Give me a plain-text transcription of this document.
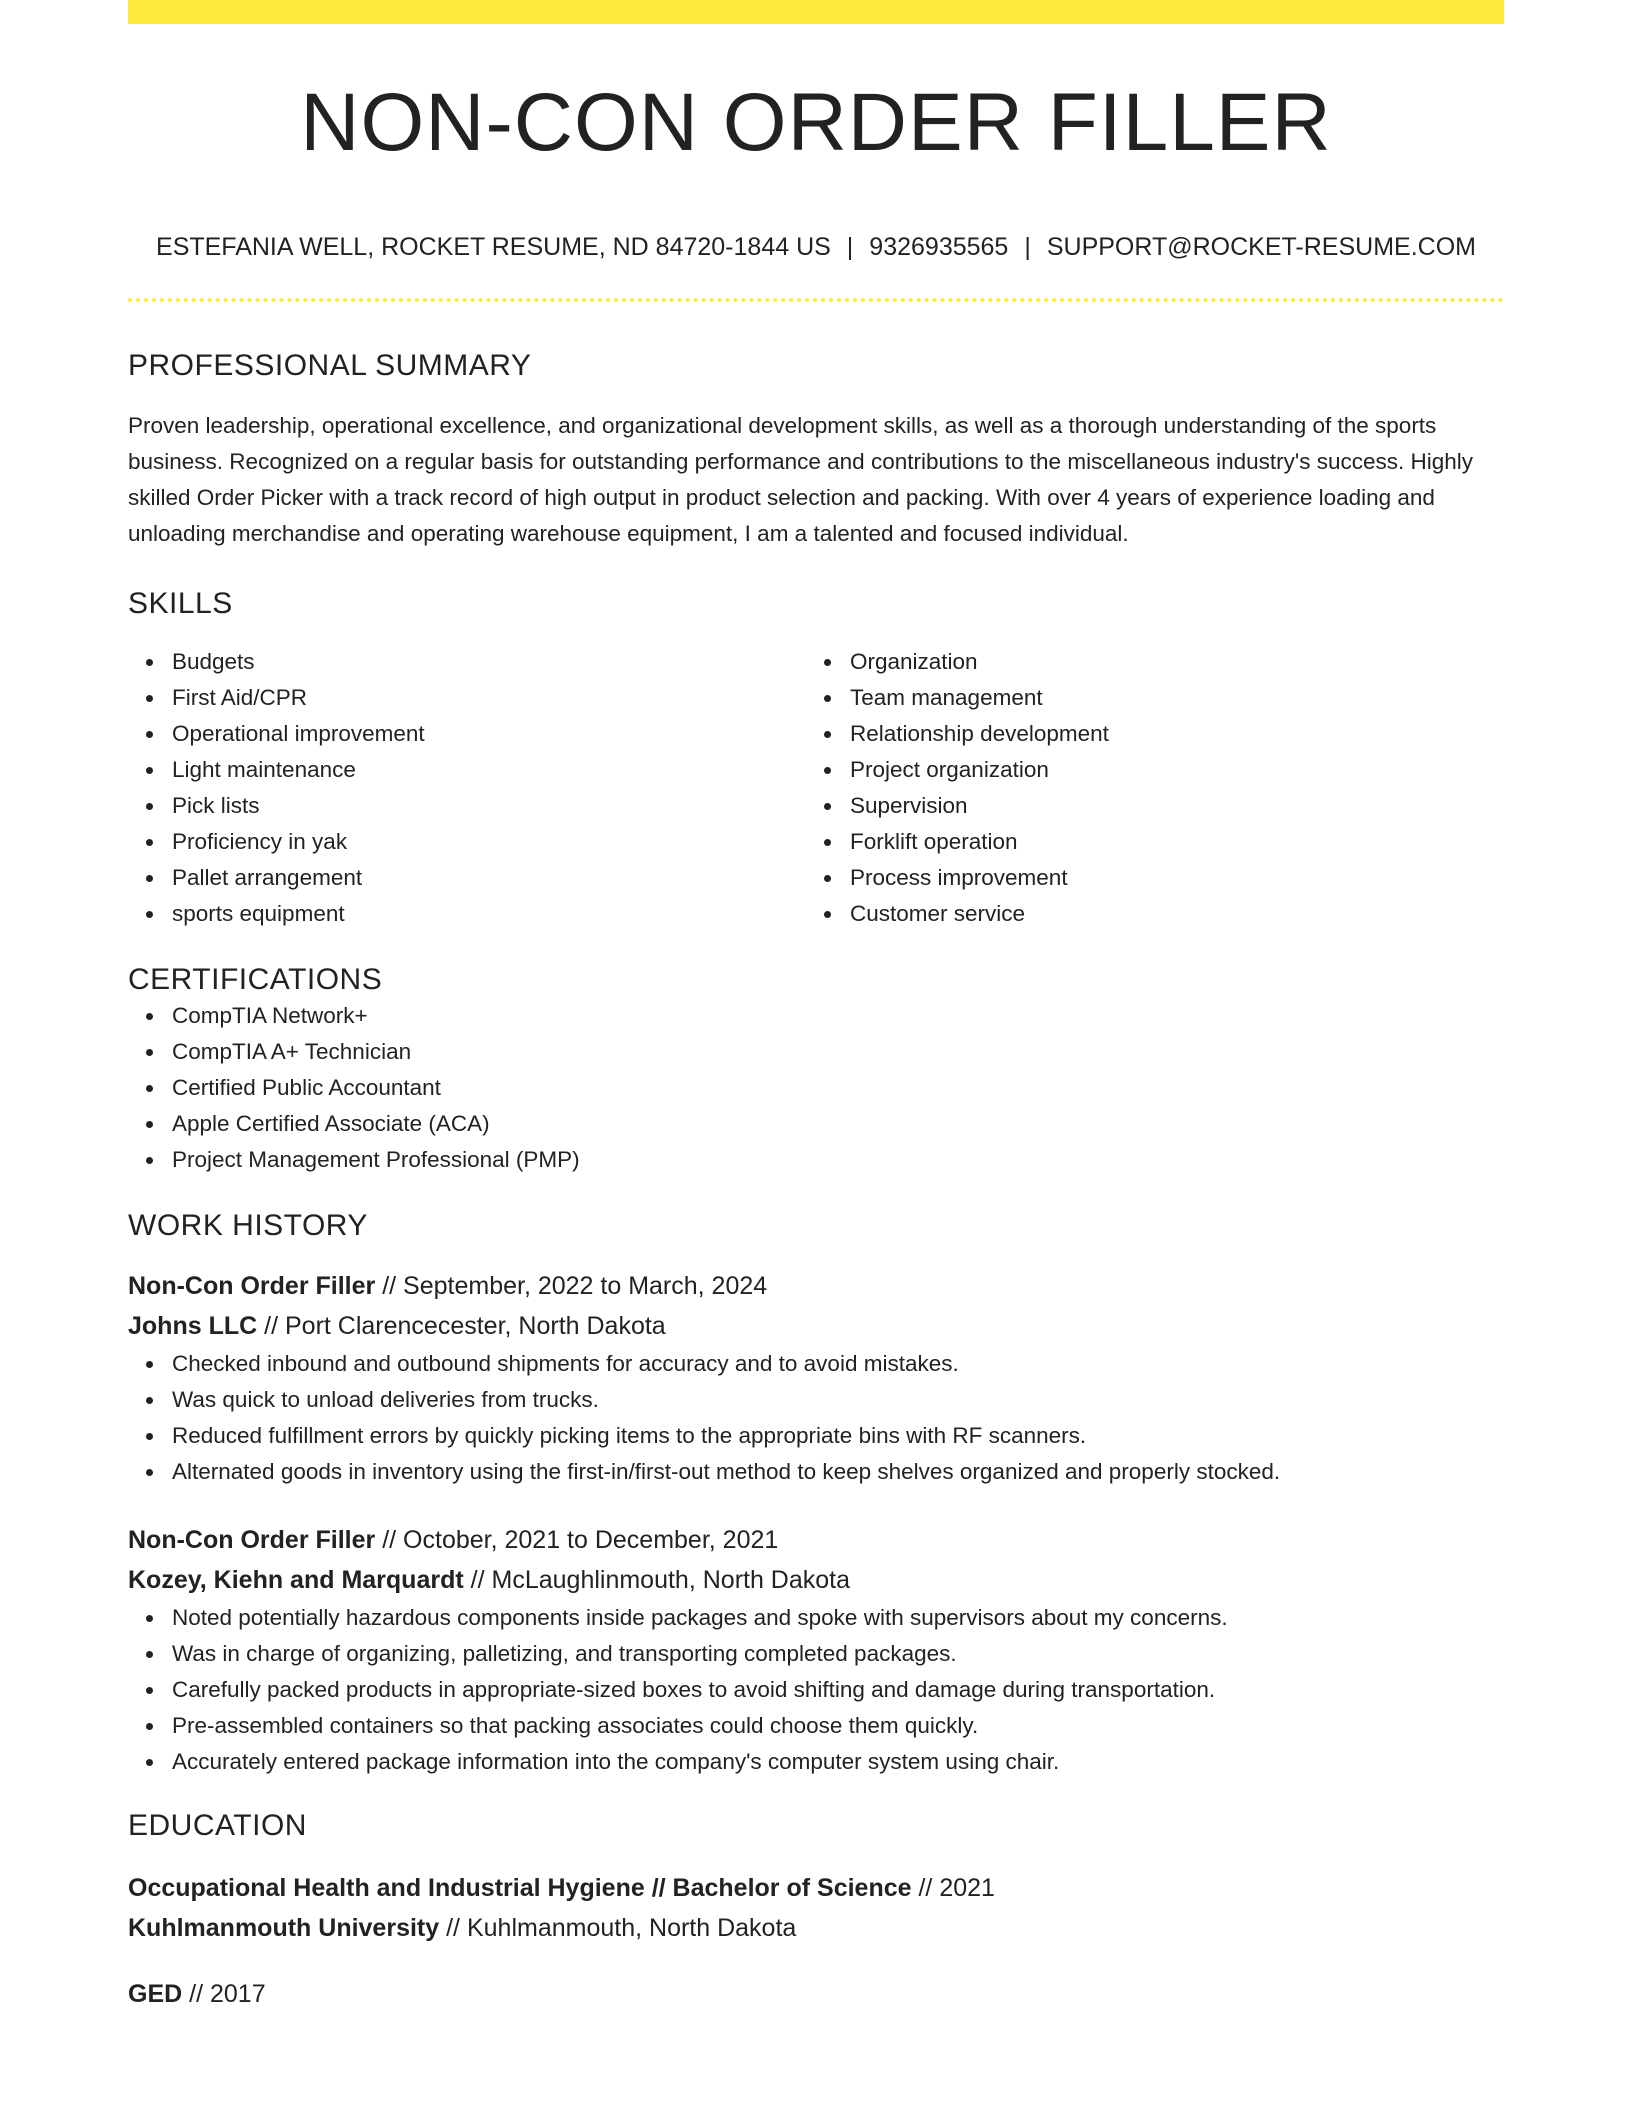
NON-CON ORDER FILLER
ESTEFANIA WELL, ROCKET RESUME, ND 84720-1844 US | 9326935565 | SUPPORT@ROCKET-RESUME.COM
PROFESSIONAL SUMMARY
Proven leadership, operational excellence, and organizational development skills, as well as a thorough understanding of the sports business. Recognized on a regular basis for outstanding performance and contributions to the miscellaneous industry's success. Highly skilled Order Picker with a track record of high output in product selection and packing. With over 4 years of experience loading and unloading merchandise and operating warehouse equipment, I am a talented and focused individual.
SKILLS
Budgets
First Aid/CPR
Operational improvement
Light maintenance
Pick lists
Proficiency in yak
Pallet arrangement
sports equipment
Organization
Team management
Relationship development
Project organization
Supervision
Forklift operation
Process improvement
Customer service
CERTIFICATIONS
CompTIA Network+
CompTIA A+ Technician
Certified Public Accountant
Apple Certified Associate (ACA)
Project Management Professional (PMP)
WORK HISTORY
Non-Con Order Filler // September, 2022 to March, 2024
Johns LLC // Port Clarencecester, North Dakota
Checked inbound and outbound shipments for accuracy and to avoid mistakes.
Was quick to unload deliveries from trucks.
Reduced fulfillment errors by quickly picking items to the appropriate bins with RF scanners.
Alternated goods in inventory using the first-in/first-out method to keep shelves organized and properly stocked.
Non-Con Order Filler // October, 2021 to December, 2021
Kozey, Kiehn and Marquardt // McLaughlinmouth, North Dakota
Noted potentially hazardous components inside packages and spoke with supervisors about my concerns.
Was in charge of organizing, palletizing, and transporting completed packages.
Carefully packed products in appropriate-sized boxes to avoid shifting and damage during transportation.
Pre-assembled containers so that packing associates could choose them quickly.
Accurately entered package information into the company's computer system using chair.
EDUCATION
Occupational Health and Industrial Hygiene // Bachelor of Science // 2021
Kuhlmanmouth University // Kuhlmanmouth, North Dakota
GED // 2017
